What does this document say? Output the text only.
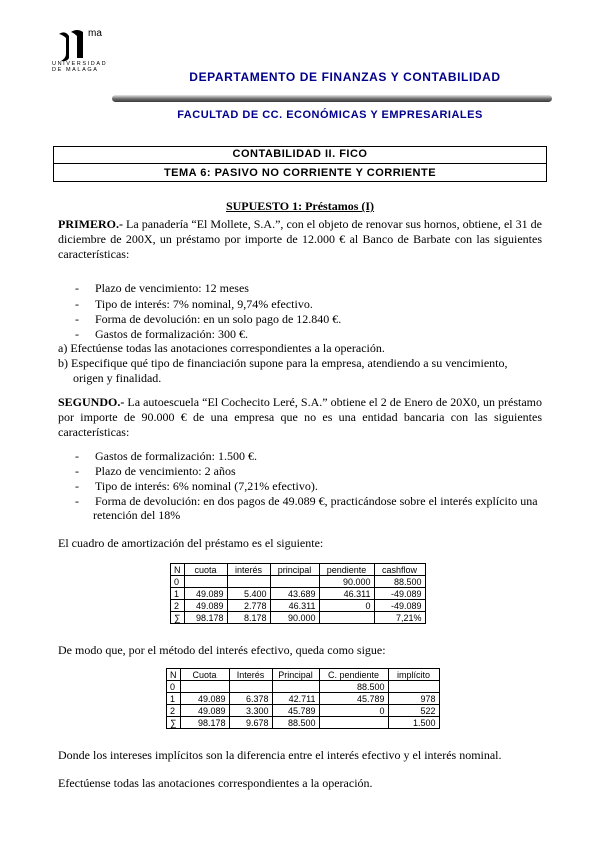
ma
UNIVERSIDAD
DE MALAGA	DEPARTAMENTO DE FINANZAS Y CONTABILIDAD
FACULTAD DE CC. ECONÓMICAS Y EMPRESARIALES
CONTABILIDAD II. FICO
TEMA 6: PASIVO NO CORRIENTE Y CORRIENTE
SUPUESTO 1: Préstamos (I)
PRIMERO.- La panadería “El Mollete, S.A.”, con el objeto de renovar sus hornos, obtiene, el 31 de diciembre de 200X, un préstamo por importe de 12.000 € al Banco de Barbate con las siguientes características:
- Plazo de vencimiento: 12 meses
- Tipo de interés: 7% nominal, 9,74% efectivo.
- Forma de devolución: en un solo pago de 12.840 €.
- Gastos de formalización: 300 €.
a) Efectúense todas las anotaciones correspondientes a la operación.
b) Especifique qué tipo de financiación supone para la empresa, atendiendo a su vencimiento,
origen y finalidad.
SEGUNDO.- La autoescuela “El Cochecito Leré, S.A.” obtiene el 2 de Enero de 20X0, un préstamo por importe de 90.000 € de una empresa que no es una entidad bancaria con las siguientes características:
- Gastos de formalización: 1.500 €.
- Plazo de vencimiento: 2 años
- Tipo de interés: 6% nominal (7,21% efectivo).
- Forma de devolución: en dos pagos de 49.089 €, practicándose sobre el interés explícito una
retención del 18%
El cuadro de amortización del préstamo es el siguiente:
N	cuota	interés	principal	pendiente	cashflow
0				90.000	88.500
1	49.089	5.400	43.689	46.311	-49.089
2	49.089	2.778	46.311	0	-49.089
∑	98.178	8.178	90.000		7,21%
De modo que, por el método del interés efectivo, queda como sigue:
N	Cuota	Interés	Principal	C. pendiente	implícito
0				88.500	
1	49.089	6.378	42.711	45.789	978
2	49.089	3.300	45.789	0	522
∑	98.178	9.678	88.500		1.500
Donde los intereses implícitos son la diferencia entre el interés efectivo y el interés nominal.
Efectúense todas las anotaciones correspondientes a la operación.
